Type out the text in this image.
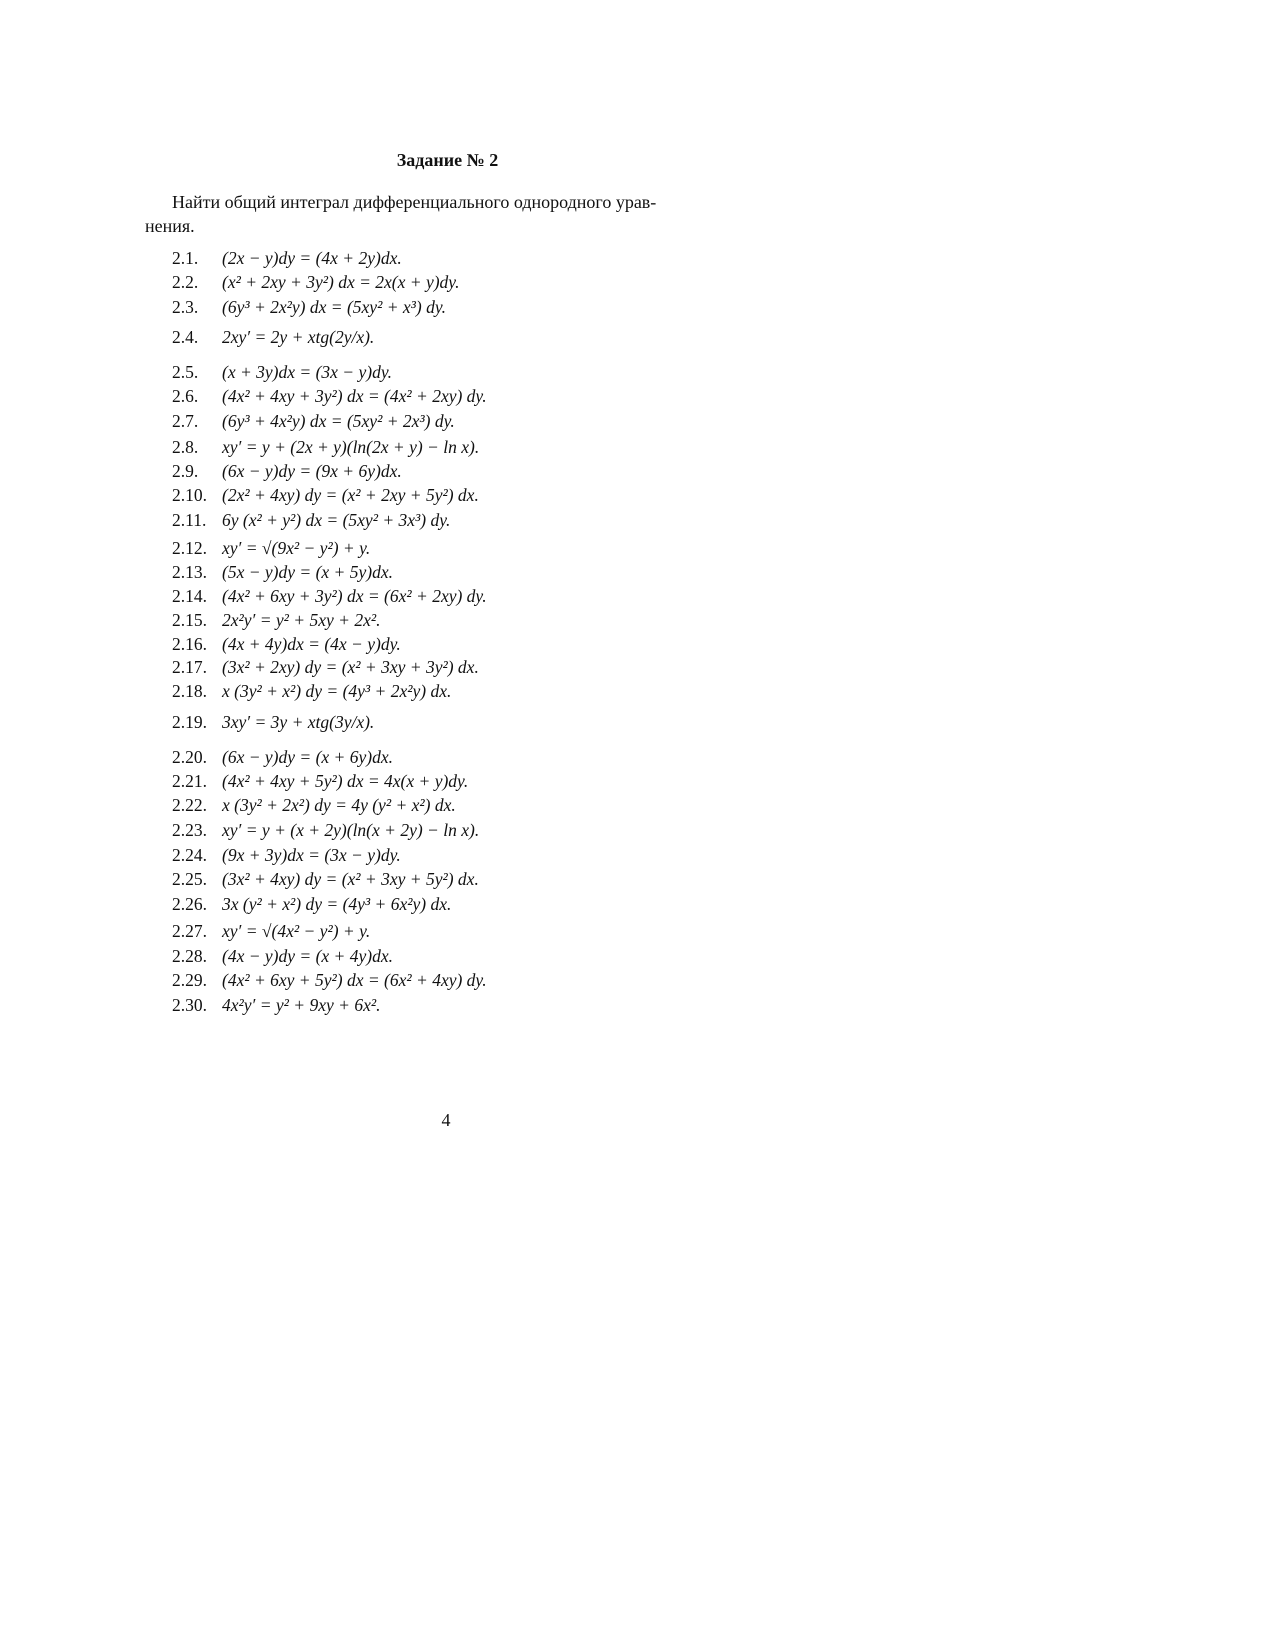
Задание № 2
Найти общий интеграл дифференциального однородного урав-
нения.
2.1. (2x − y)dy = (4x + 2y)dx.
2.2. (x² + 2xy + 3y²) dx = 2x(x + y)dy.
2.3. (6y³ + 2x²y) dx = (5xy² + x³) dy.
2.4. 2xy′ = 2y + xtg(2y/x).
2.5. (x + 3y)dx = (3x − y)dy.
2.6. (4x² + 4xy + 3y²) dx = (4x² + 2xy) dy.
2.7. (6y³ + 4x²y) dx = (5xy² + 2x³) dy.
2.8. xy′ = y + (2x + y)(ln(2x + y) − ln x).
2.9. (6x − y)dy = (9x + 6y)dx.
2.10. (2x² + 4xy) dy = (x² + 2xy + 5y²) dx.
2.11. 6y (x² + y²) dx = (5xy² + 3x³) dy.
2.12. xy′ = √(9x² − y²) + y.
2.13. (5x − y)dy = (x + 5y)dx.
2.14. (4x² + 6xy + 3y²) dx = (6x² + 2xy) dy.
2.15. 2x²y′ = y² + 5xy + 2x².
2.16. (4x + 4y)dx = (4x − y)dy.
2.17. (3x² + 2xy) dy = (x² + 3xy + 3y²) dx.
2.18. x (3y² + x²) dy = (4y³ + 2x²y) dx.
2.19. 3xy′ = 3y + xtg(3y/x).
2.20. (6x − y)dy = (x + 6y)dx.
2.21. (4x² + 4xy + 5y²) dx = 4x(x + y)dy.
2.22. x (3y² + 2x²) dy = 4y (y² + x²) dx.
2.23. xy′ = y + (x + 2y)(ln(x + 2y) − ln x).
2.24. (9x + 3y)dx = (3x − y)dy.
2.25. (3x² + 4xy) dy = (x² + 3xy + 5y²) dx.
2.26. 3x (y² + x²) dy = (4y³ + 6x²y) dx.
2.27. xy′ = √(4x² − y²) + y.
2.28. (4x − y)dy = (x + 4y)dx.
2.29. (4x² + 6xy + 5y²) dx = (6x² + 4xy) dy.
2.30. 4x²y′ = y² + 9xy + 6x².
4
